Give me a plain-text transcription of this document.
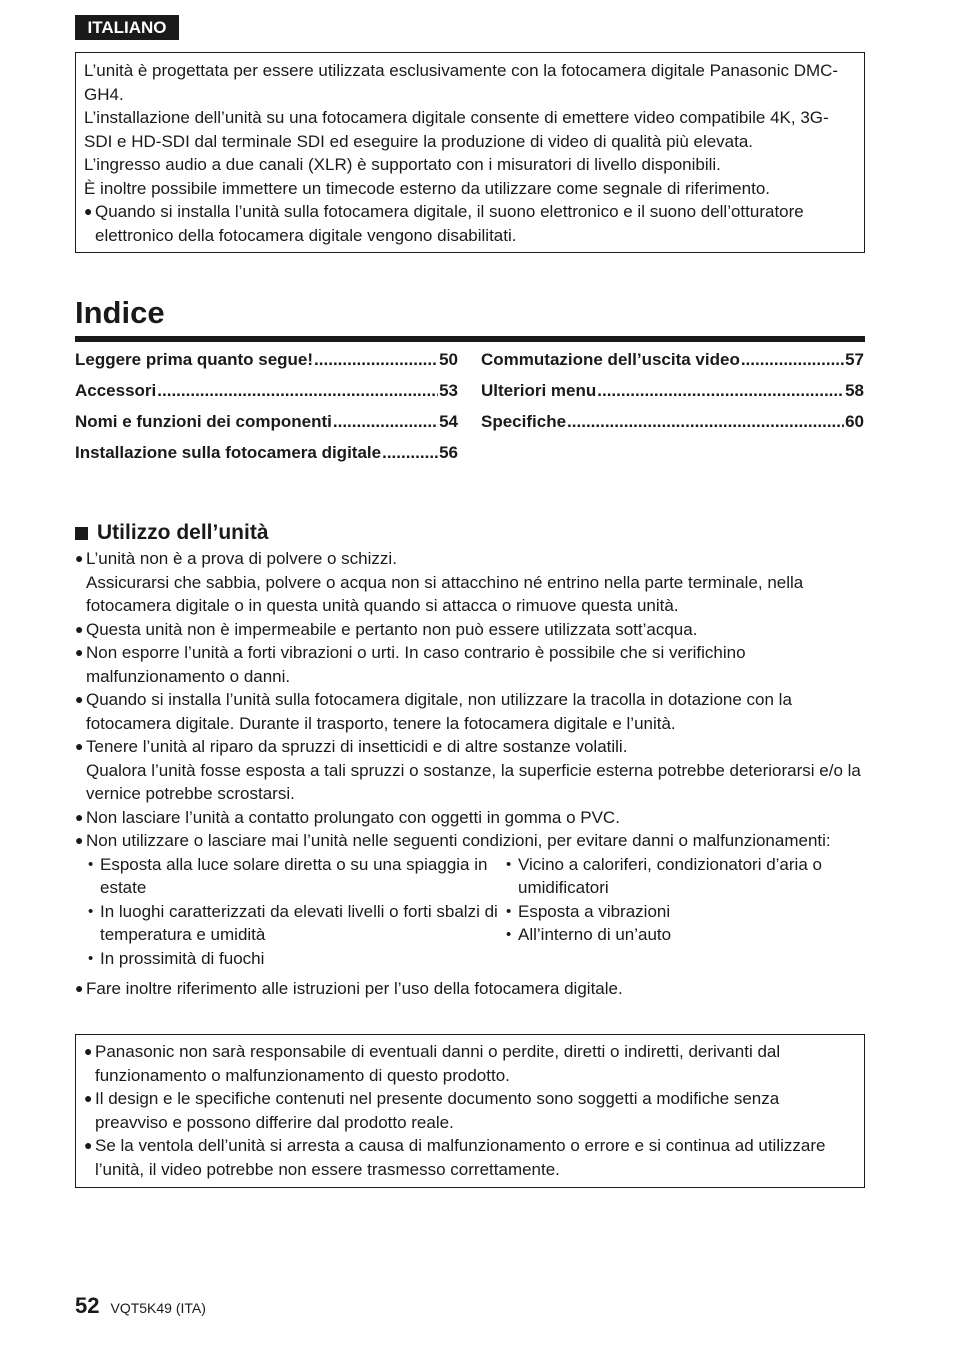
ITALIANO

L’unità è progettata per essere utilizzata esclusivamente con la fotocamera digitale Panasonic DMC-GH4.

L’installazione dell’unità su una fotocamera digitale consente di emettere video compatibile 4K, 3G-SDI e HD-SDI dal terminale SDI ed eseguire la produzione di video di qualità più elevata.

L’ingresso audio a due canali (XLR) è supportato con i misuratori di livello disponibili.

È inoltre possibile immettere un timecode esterno da utilizzare come segnale di riferimento.

● Quando si installa l’unità sulla fotocamera digitale, il suono elettronico e il suono dell’otturatore elettronico della fotocamera digitale vengono disabilitati.
Indice
Leggere prima quanto segue! .....	50
Accessori .....	53
Nomi e funzioni dei componenti .....	54
Installazione sulla fotocamera digitale .....	56
Commutazione dell’uscita video .....	57
Ulteriori menu .....	58
Specifiche .....	60
Utilizzo dell’unità
● L’unità non è a prova di polvere o schizzi.
Assicurarsi che sabbia, polvere o acqua non si attacchino né entrino nella parte terminale, nella fotocamera digitale o in questa unità quando si attacca o rimuove questa unità.
● Questa unità non è impermeabile e pertanto non può essere utilizzata sott’acqua.
● Non esporre l’unità a forti vibrazioni o urti. In caso contrario è possibile che si verifichino malfunzionamento o danni.
● Quando si installa l’unità sulla fotocamera digitale, non utilizzare la tracolla in dotazione con la fotocamera digitale. Durante il trasporto, tenere la fotocamera digitale e l’unità.
● Tenere l’unità al riparo da spruzzi di insetticidi e di altre sostanze volatili.
Qualora l’unità fosse esposta a tali spruzzi o sostanze, la superficie esterna potrebbe deteriorarsi e/o la vernice potrebbe scrostarsi.
● Non lasciare l’unità a contatto prolungato con oggetti in gomma o PVC.
● Non utilizzare o lasciare mai l’unità nelle seguenti condizioni, per evitare danni o malfunzionamenti:
• Esposta alla luce solare diretta o su una spiaggia in estate
• In luoghi caratterizzati da elevati livelli o forti sbalzi di temperatura e umidità
• In prossimità di fuochi
• Vicino a caloriferi, condizionatori d’aria o umidificatori
• Esposta a vibrazioni
• All’interno di un’auto
● Fare inoltre riferimento alle istruzioni per l’uso della fotocamera digitale.
● Panasonic non sarà responsabile di eventuali danni o perdite, diretti o indiretti, derivanti dal funzionamento o malfunzionamento di questo prodotto.
● Il design e le specifiche contenuti nel presente documento sono soggetti a modifiche senza preavviso e possono differire dal prodotto reale.
● Se la ventola dell’unità si arresta a causa di malfunzionamento o errore e si continua ad utilizzare l’unità, il video potrebbe non essere trasmesso correttamente.
52 VQT5K49 (ITA)
